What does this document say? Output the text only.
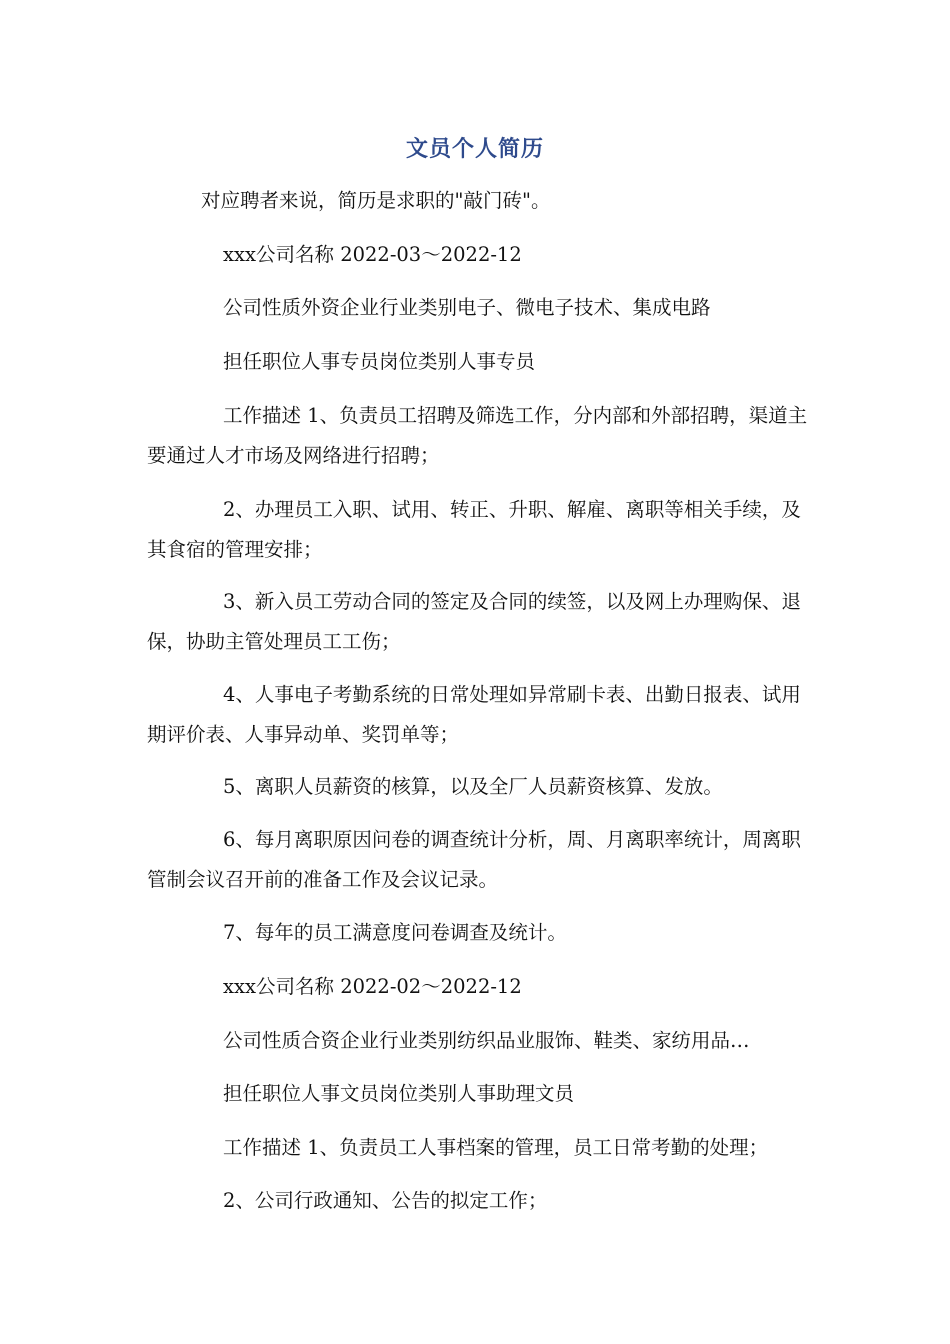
文员个人简历
对应聘者来说，简历是求职的"敲门砖"。
xxx公司名称 2022-03～2022-12
公司性质外资企业行业类别电子、微电子技术、集成电路
担任职位人事专员岗位类别人事专员
工作描述 1、负责员工招聘及筛选工作，分内部和外部招聘，渠道主要通过人才市场及网络进行招聘；
2、办理员工入职、试用、转正、升职、解雇、离职等相关手续，及其食宿的管理安排；
3、新入员工劳动合同的签定及合同的续签，以及网上办理购保、退保，协助主管处理员工工伤；
4、人事电子考勤系统的日常处理如异常刷卡表、出勤日报表、试用期评价表、人事异动单、奖罚单等；
5、离职人员薪资的核算，以及全厂人员薪资核算、发放。
6、每月离职原因问卷的调查统计分析，周、月离职率统计，周离职管制会议召开前的准备工作及会议记录。
7、每年的员工满意度问卷调查及统计。
xxx公司名称 2022-02～2022-12
公司性质合资企业行业类别纺织品业服饰、鞋类、家纺用品…
担任职位人事文员岗位类别人事助理文员
工作描述 1、负责员工人事档案的管理，员工日常考勤的处理；
2、公司行政通知、公告的拟定工作；
